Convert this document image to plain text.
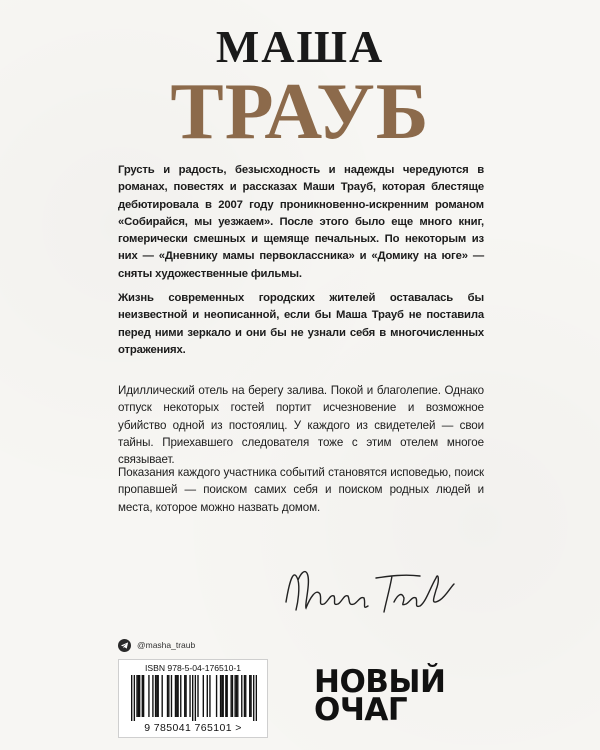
МАША
ТРАУБ

Грусть и радость, безысходность и надежды чередуются в романах, повестях и рассказах Маши Трауб, которая блестяще дебютировала в 2007 году проникновенно-искренним романом «Собирайся, мы уезжаем». После этого было еще много книг, гомерически смешных и щемяще печальных. По некоторым из них — «Дневнику мамы первоклассника» и «Домику на юге» — сняты художественные фильмы.

Жизнь современных городских жителей оставалась бы неизвестной и неописанной, если бы Маша Трауб не поставила перед ними зеркало и они бы не узнали себя в многочисленных отражениях.

Идиллический отель на берегу залива. Покой и благолепие. Однако отпуск некоторых гостей портит исчезновение и возможное убийство одной из постоялиц. У каждого из свидетелей — свои тайны. Приехавшего следователя тоже с этим отелем многое связывает.

Показания каждого участника событий становятся исповедью, поиск пропавшей — поиском самих себя и поиском родных людей и места, которое можно назвать домом.

@masha_traub
ISBN 978-5-04-176510-1
9 785041 765101 >
НОВЫЙ
ОЧАГ
